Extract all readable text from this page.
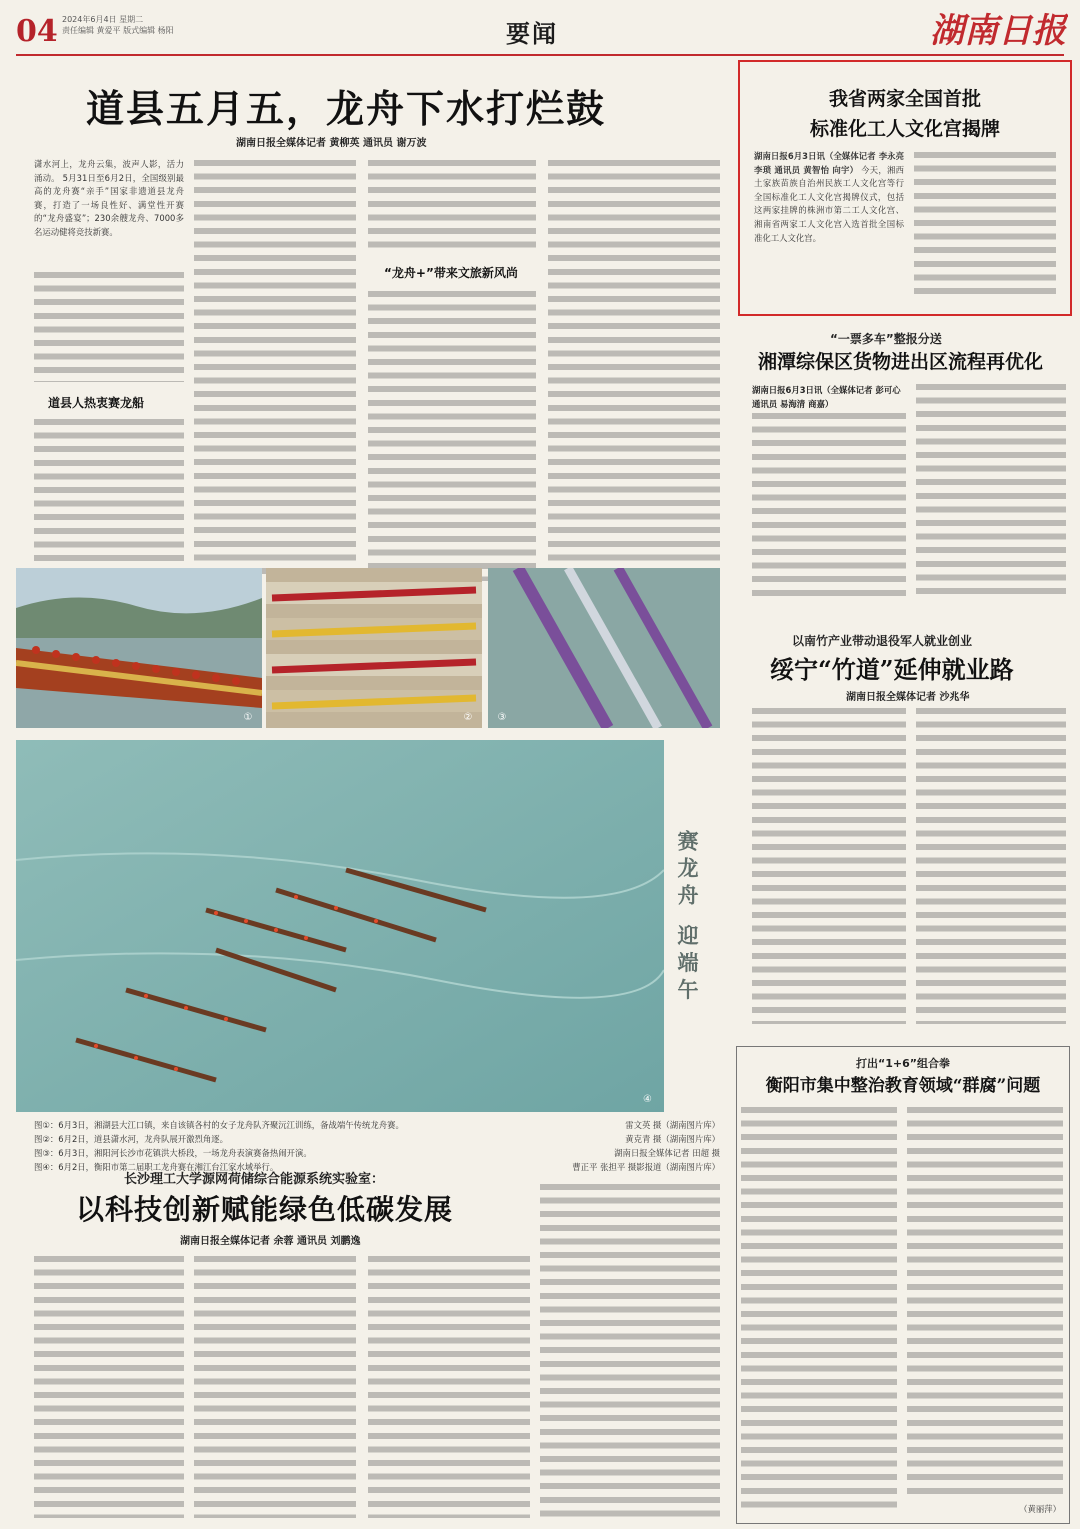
04 2024年6月4日 星期二
责任编辑 黄爱平 版式编辑 杨阳	要闻	湖南日报
道县五月五，龙舟下水打烂鼓
湖南日报全媒体记者 黄柳英 通讯员 谢万波
潇水河上，龙舟云集，波声人影，活力涌动。 5月31日至6月2日，全国级别最高的龙舟赛“亲手”国家非遗道县龙舟赛，打造了一场良性好、满堂性开赛的“龙舟盛宴”；230余艘龙舟、7000多名运动健将竞技新赛。
道县人热衷赛龙船
“龙舟+”带来文旅新风尚
①	②	③
④
赛龙舟 迎端午
图①：6月3日，湘湖县大江口镇，来自该镇各村的女子龙舟队齐聚沅江训练，备战端午传统龙舟赛。
图②：6月2日，道县潇水河，龙舟队展开激烈角逐。
图③：6月3日，湘阳河长沙市花镇洪大桥段，一场龙舟表演赛备热闹开演。
图④：6月2日，衡阳市第二届职工龙舟赛在湘江台江家水域举行。
雷文英 摄（湖南图片库）
黄克青 摄（湖南图片库）
湖南日报全媒体记者 田超 摄
曹正平 张担平 摄影报道（湖南图片库）
我省两家全国首批
标准化工人文化宫揭牌
湖南日报6月3日讯（全媒体记者 李永亮 李琐 通讯员 黄智怡 向宇） 今天，湘西土家族苗族自治州民族工人文化宫等行全国标准化工人文化宫揭牌仪式，包括这两家挂牌的株洲市第二工人文化宫、湘南省两家工人文化宫入选首批全国标准化工人文化宫。
“一票多车”整报分送
湘潭综保区货物进出区流程再优化
湖南日报6月3日讯（全媒体记者 彭可心 通讯员 易海清 商嘉）
以南竹产业带动退役军人就业创业
绥宁“竹道”延伸就业路
湖南日报全媒体记者 沙兆华
打出“1+6”组合拳
衡阳市集中整治教育领域“群腐”问题
（黄丽萍）
长沙理工大学源网荷储综合能源系统实验室：
以科技创新赋能绿色低碳发展
湖南日报全媒体记者 余蓉 通讯员 刘鹏逸
